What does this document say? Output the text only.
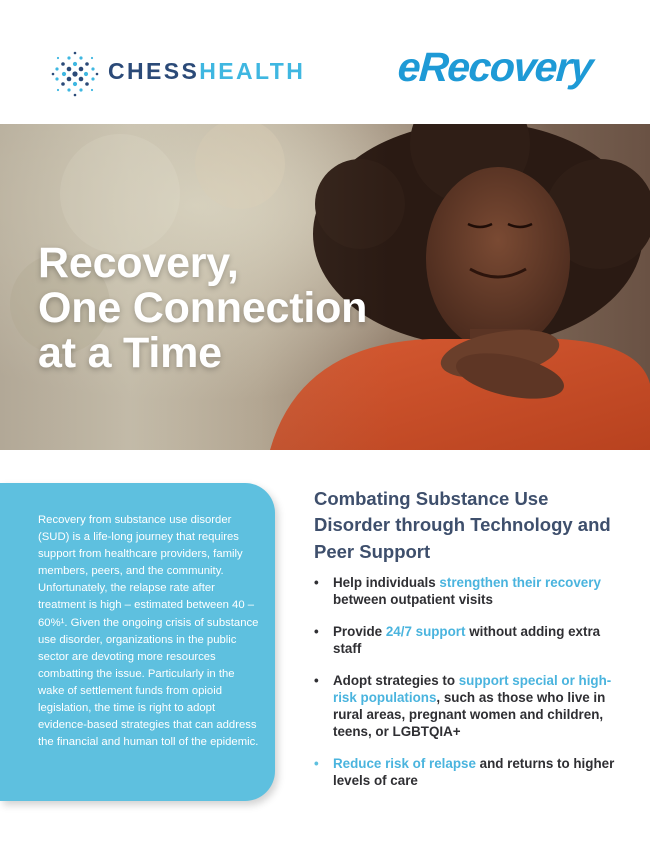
CHESSHEALTH eRecovery
Recovery,
One Connection
at a Time
Recovery from substance use disorder (SUD) is a life-long journey that requires support from healthcare providers, family members, peers, and the community. Unfortunately, the relapse rate after treatment is high – estimated between 40 – 60%¹. Given the ongoing crisis of substance use disorder, organizations in the public sector are devoting more resources combatting the issue. Particularly in the wake of settlement funds from opioid legislation, the time is right to adopt evidence-based strategies that can address the financial and human toll of the epidemic.
Combating Substance Use Disorder through Technology and Peer Support
• Help individuals strengthen their recovery between outpatient visits
• Provide 24/7 support without adding extra staff
• Adopt strategies to support special or high-risk populations, such as those who live in rural areas, pregnant women and children, teens, or LGBTQIA+
• Reduce risk of relapse and returns to higher levels of care
